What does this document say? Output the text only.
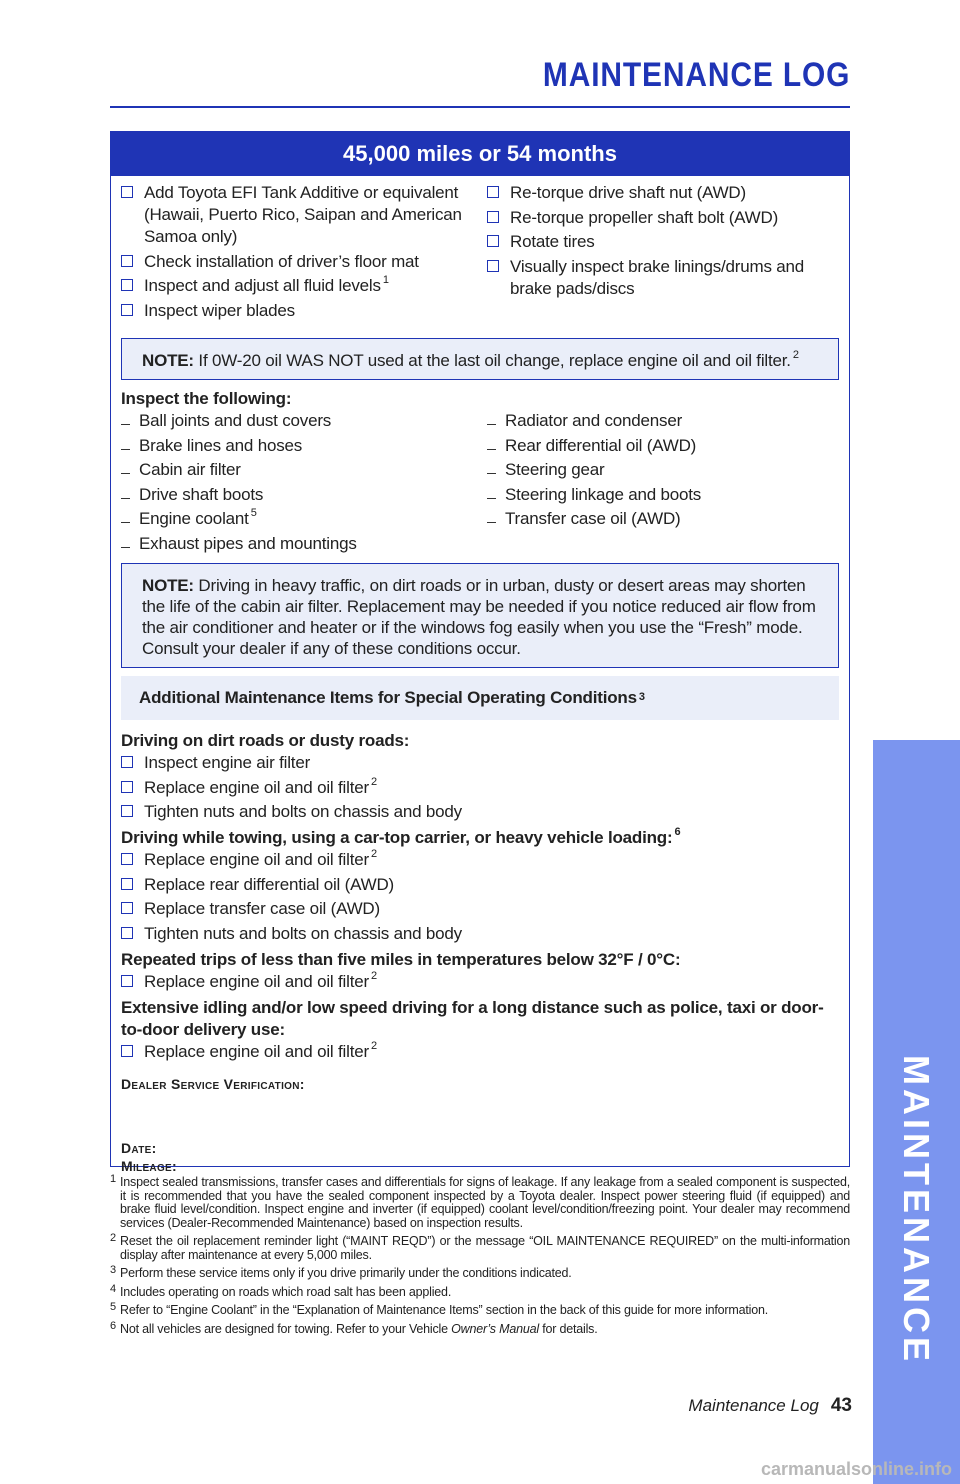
MAINTENANCE LOG
MAINTENANCE
45,000 miles or 54 months
Add Toyota EFI Tank Additive or equivalent (Hawaii, Puerto Rico, Saipan and American Samoa only)
Check installation of driver’s floor mat
Inspect and adjust all fluid levels $^1$
Inspect wiper blades
Re-torque drive shaft nut (AWD)
Re-torque propeller shaft bolt (AWD)
Rotate tires
Visually inspect brake linings/drums and brake pads/discs
NOTE: If 0W-20 oil WAS NOT used at the last oil change, replace engine oil and oil filter. $^2$
Inspect the following:
Ball joints and dust covers
Brake lines and hoses
Cabin air filter
Drive shaft boots
Engine coolant $^5$
Exhaust pipes and mountings
Radiator and condenser
Rear differential oil (AWD)
Steering gear
Steering linkage and boots
Transfer case oil (AWD)
NOTE: Driving in heavy traffic, on dirt roads or in urban, dusty or desert areas may shorten the life of the cabin air filter. Replacement may be needed if you notice reduced air flow from the air conditioner and heater or if the windows fog easily when you use the “Fresh” mode. Consult your dealer if any of these conditions occur.
Additional Maintenance Items for Special Operating Conditions$^3$
Driving on dirt roads or dusty roads:
Inspect engine air filter
Replace engine oil and oil filter $^2$
Tighten nuts and bolts on chassis and body
Driving while towing, using a car-top carrier, or heavy vehicle loading: $^6$
Replace engine oil and oil filter $^2$
Replace rear differential oil (AWD)
Replace transfer case oil (AWD)
Tighten nuts and bolts on chassis and body
Repeated trips of less than five miles in temperatures below 32°F / 0°C:
Replace engine oil and oil filter $^2$
Extensive idling and/or low speed driving for a long distance such as police, taxi or door-to-door delivery use:
Replace engine oil and oil filter $^2$
Dealer Service Verification:
Date:
Mileage:
1 Inspect sealed transmissions, transfer cases and differentials for signs of leakage. If any leakage from a sealed component is suspected, it is recommended that you have the sealed component inspected by a Toyota dealer. Inspect power steering fluid (if equipped) and brake fluid level/condition. Inspect engine and inverter (if equipped) coolant level/condition/freezing point. Your dealer may recommend services (Dealer-Recommended Maintenance) based on inspection results.
2 Reset the oil replacement reminder light (“MAINT REQD”) or the message “OIL MAINTENANCE REQUIRED” on the multi-information display after maintenance at every 5,000 miles.
3 Perform these service items only if you drive primarily under the conditions indicated.
4 Includes operating on roads which road salt has been applied.
5 Refer to “Engine Coolant” in the “Explanation of Maintenance Items” section in the back of this guide for more information.
6 Not all vehicles are designed for towing. Refer to your Vehicle Owner’s Manual for details.
Maintenance Log 43
carmanualsonline.info
